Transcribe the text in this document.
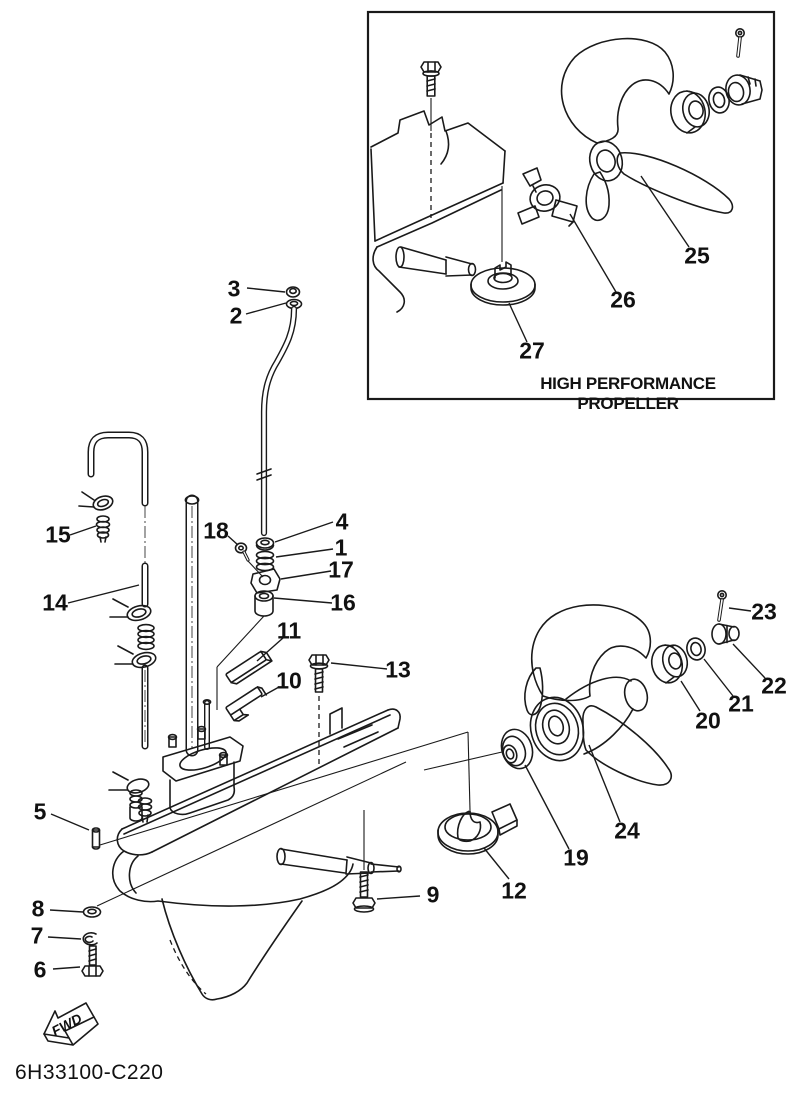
FWD
1
2
3
4
5
6
7
8
9
10
11
12
13
14
15
16
17
18
19
20
21
22
23
24
25
26
27
HIGH PERFORMANCE PROPELLER
6H33100-C220
